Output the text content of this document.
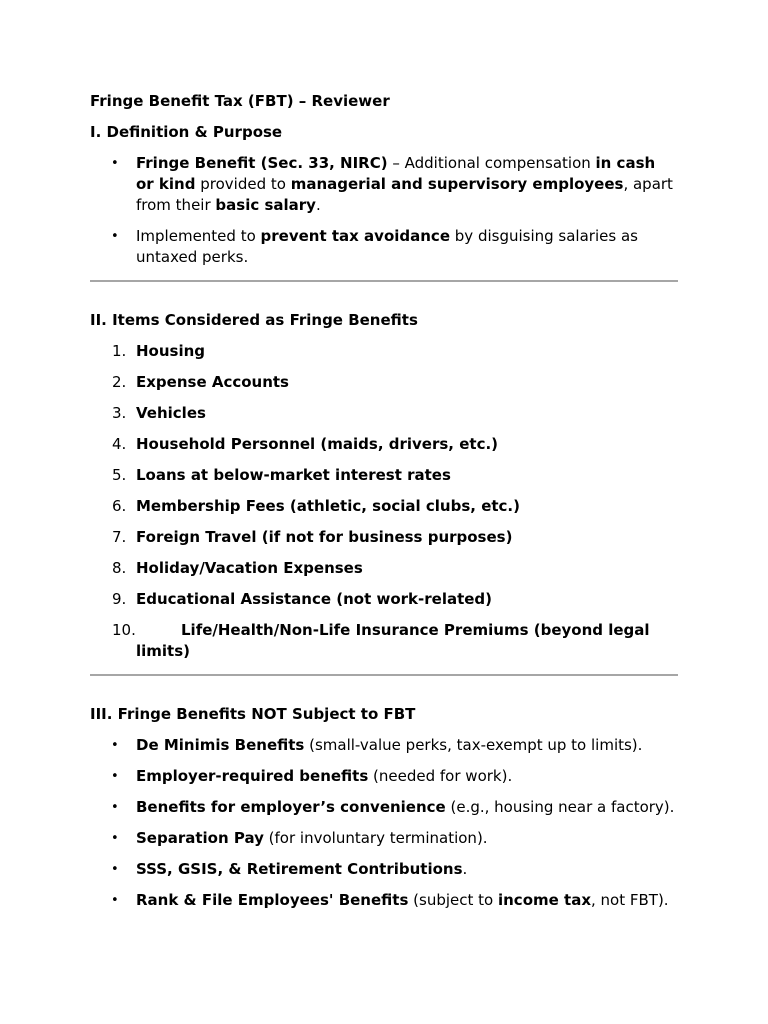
Fringe Benefit Tax (FBT) – Reviewer

I. Definition & Purpose

• Fringe Benefit (Sec. 33, NIRC) – Additional compensation in cash or kind provided to managerial and supervisory employees, apart from their basic salary.
• Implemented to prevent tax avoidance by disguising salaries as untaxed perks.

II. Items Considered as Fringe Benefits

1. Housing
2. Expense Accounts
3. Vehicles
4. Household Personnel (maids, drivers, etc.)
5. Loans at below-market interest rates
6. Membership Fees (athletic, social clubs, etc.)
7. Foreign Travel (if not for business purposes)
8. Holiday/Vacation Expenses
9. Educational Assistance (not work-related)
10.	Life/Health/Non-Life Insurance Premiums (beyond legal limits)

III. Fringe Benefits NOT Subject to FBT

• De Minimis Benefits (small-value perks, tax-exempt up to limits).
• Employer-required benefits (needed for work).
• Benefits for employer’s convenience (e.g., housing near a factory).
• Separation Pay (for involuntary termination).
• SSS, GSIS, & Retirement Contributions.
• Rank & File Employees' Benefits (subject to income tax, not FBT).
